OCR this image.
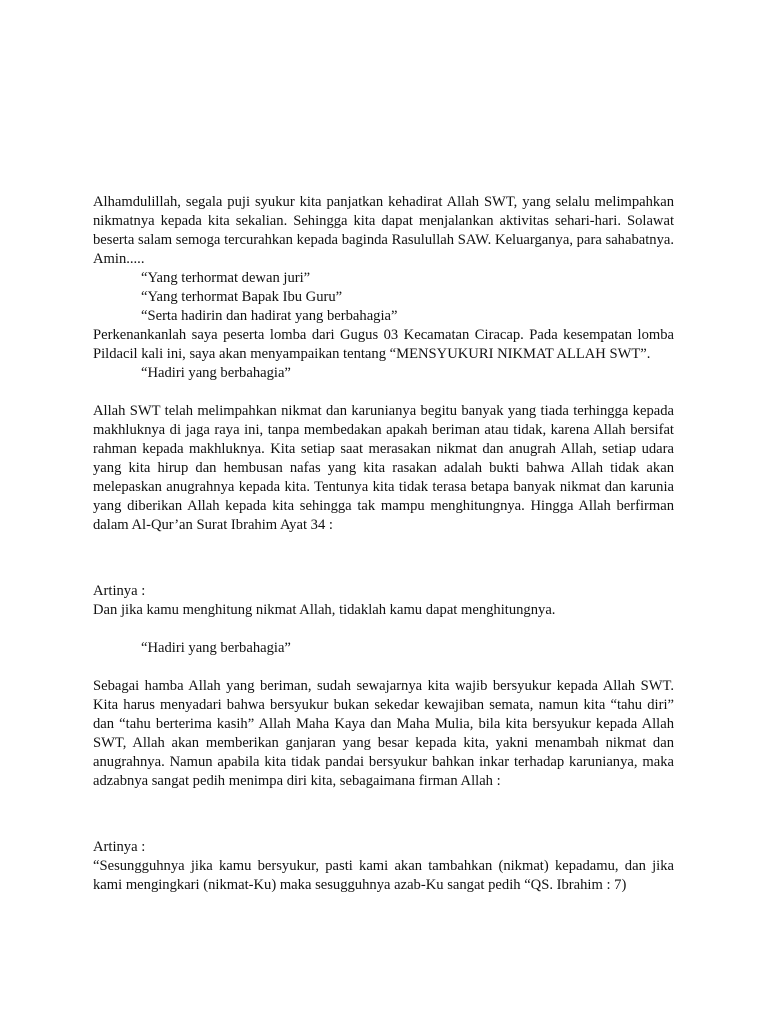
Alhamdulillah, segala puji syukur kita panjatkan kehadirat Allah SWT, yang selalu melimpahkan nikmatnya kepada kita sekalian. Sehingga kita dapat menjalankan aktivitas sehari-hari. Solawat beserta salam semoga tercurahkan kepada baginda Rasulullah SAW. Keluarganya, para sahabatnya. Amin.....

“Yang terhormat dewan juri”

“Yang terhormat Bapak Ibu Guru”

“Serta hadirin dan hadirat yang berbahagia”

Perkenankanlah saya peserta lomba dari Gugus 03 Kecamatan Ciracap. Pada kesempatan lomba Pildacil kali ini, saya akan menyampaikan tentang “MENSYUKURI NIKMAT ALLAH SWT”.

“Hadiri yang berbahagia”

Allah SWT telah melimpahkan nikmat dan karunianya begitu banyak yang tiada terhingga kepada makhluknya di jaga raya ini, tanpa membedakan apakah beriman atau tidak, karena Allah bersifat rahman kepada makhluknya. Kita setiap saat merasakan nikmat dan anugrah Allah, setiap udara yang kita hirup dan hembusan nafas yang kita rasakan adalah bukti bahwa Allah tidak akan melepaskan anugrahnya kepada kita. Tentunya kita tidak terasa betapa banyak nikmat dan karunia yang diberikan Allah kepada kita sehingga tak mampu menghitungnya. Hingga Allah berfirman dalam Al-Qur’an Surat Ibrahim Ayat 34 :

Artinya :

Dan jika kamu menghitung nikmat Allah, tidaklah kamu dapat menghitungnya.

“Hadiri yang berbahagia”

Sebagai hamba Allah yang beriman, sudah sewajarnya kita wajib bersyukur kepada Allah SWT. Kita harus menyadari bahwa bersyukur bukan sekedar kewajiban semata, namun kita “tahu diri” dan “tahu berterima kasih” Allah Maha Kaya dan Maha Mulia, bila kita bersyukur kepada Allah SWT, Allah akan memberikan ganjaran yang besar kepada kita, yakni menambah nikmat dan anugrahnya. Namun apabila kita tidak pandai bersyukur bahkan inkar terhadap karunianya, maka adzabnya sangat pedih menimpa diri kita, sebagaimana firman Allah :

Artinya :

“Sesungguhnya jika kamu bersyukur, pasti kami akan tambahkan (nikmat) kepadamu, dan jika kami mengingkari (nikmat-Ku) maka sesugguhnya azab-Ku sangat pedih “QS. Ibrahim : 7)
